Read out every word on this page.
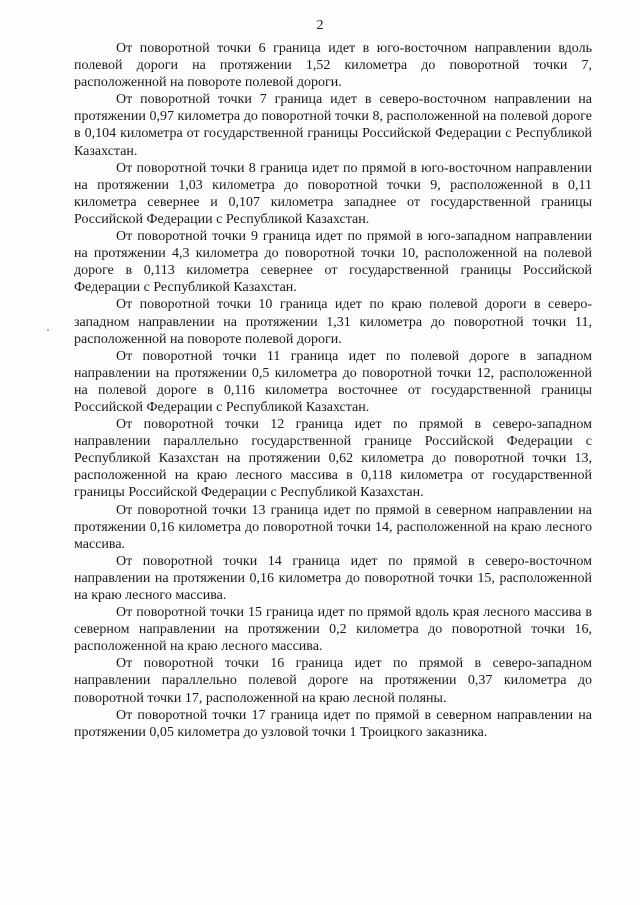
2

От поворотной точки 6 граница идет в юго-восточном направлении вдоль полевой дороги на протяжении 1,52 километра до поворотной точки 7, расположенной на повороте полевой дороги.

От поворотной точки 7 граница идет в северо-восточном направлении на протяжении 0,97 километра до поворотной точки 8, расположенной на полевой дороге в 0,104 километра от государственной границы Российской Федерации с Республикой Казахстан.

От поворотной точки 8 граница идет по прямой в юго-восточном направлении на протяжении 1,03 километра до поворотной точки 9, расположенной в 0,11 километра севернее и 0,107 километра западнее от государственной границы Российской Федерации с Республикой Казахстан.

От поворотной точки 9 граница идет по прямой в юго-западном направлении на протяжении 4,3 километра до поворотной точки 10, расположенной на полевой дороге в 0,113 километра севернее от государственной границы Российской Федерации с Республикой Казахстан.

От поворотной точки 10 граница идет по краю полевой дороги в северо-западном направлении на протяжении 1,31 километра до поворотной точки 11, расположенной на повороте полевой дороги.

От поворотной точки 11 граница идет по полевой дороге в западном направлении на протяжении 0,5 километра до поворотной точки 12, расположенной на полевой дороге в 0,116 километра восточнее от государственной границы Российской Федерации с Республикой Казахстан.

От поворотной точки 12 граница идет по прямой в северо-западном направлении параллельно государственной границе Российской Федерации с Республикой Казахстан на протяжении 0,62 километра до поворотной точки 13, расположенной на краю лесного массива в 0,118 километра от государственной границы Российской Федерации с Республикой Казахстан.

От поворотной точки 13 граница идет по прямой в северном направлении на протяжении 0,16 километра до поворотной точки 14, расположенной на краю лесного массива.

От поворотной точки 14 граница идет по прямой в северо-восточном направлении на протяжении 0,16 километра до поворотной точки 15, расположенной на краю лесного массива.

От поворотной точки 15 граница идет по прямой вдоль края лесного массива в северном направлении на протяжении 0,2 километра до поворотной точки 16, расположенной на краю лесного массива.

От поворотной точки 16 граница идет по прямой в северо-западном направлении параллельно полевой дороге на протяжении 0,37 километра до поворотной точки 17, расположенной на краю лесной поляны.

От поворотной точки 17 граница идет по прямой в северном направлении на протяжении 0,05 километра до узловой точки 1 Троицкого заказника.
